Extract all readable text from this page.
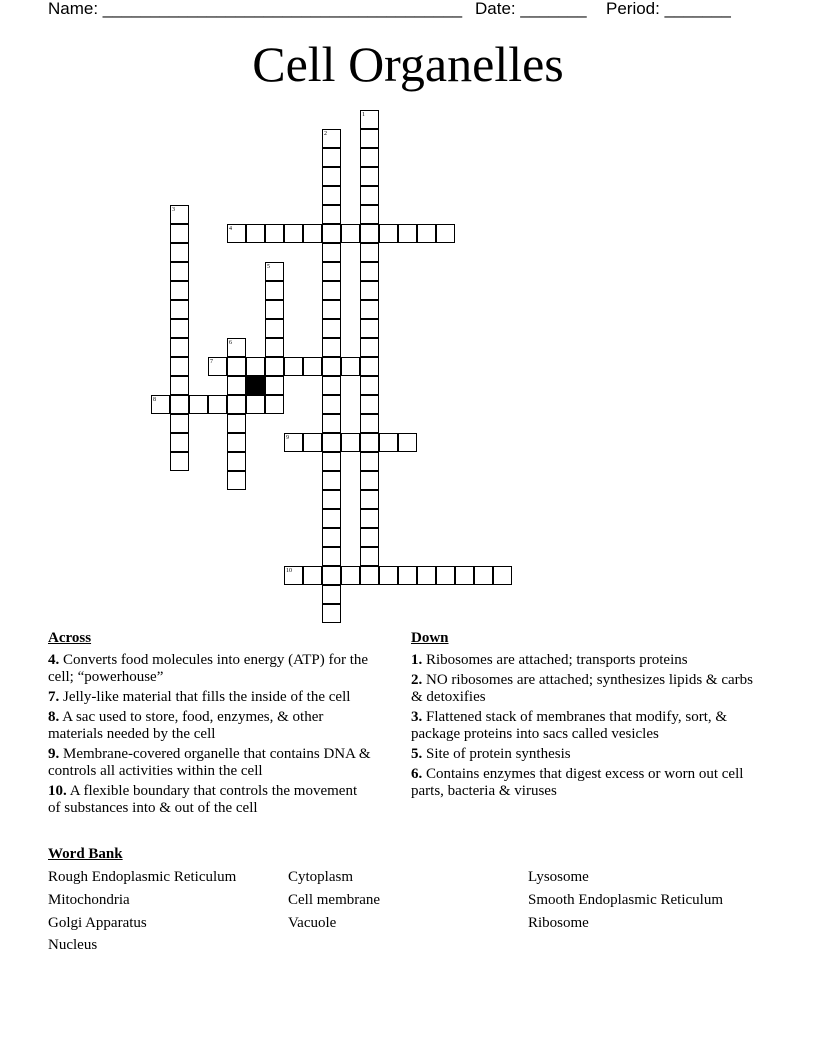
Name: ______________________________________ Date: _______ Period: _______
Cell Organelles
1
2
3
4
5
6
7
8
9
10
Across
4. Converts food molecules into energy (ATP) for the cell; “powerhouse”
7. Jelly-like material that fills the inside of the cell
8. A sac used to store, food, enzymes, & other materials needed by the cell
9. Membrane-covered organelle that contains DNA & controls all activities within the cell
10. A flexible boundary that controls the movement of substances into & out of the cell
Down
1. Ribosomes are attached; transports proteins
2. NO ribosomes are attached; synthesizes lipids & carbs & detoxifies
3. Flattened stack of membranes that modify, sort, & package proteins into sacs called vesicles
5. Site of protein synthesis
6. Contains enzymes that digest excess or worn out cell parts, bacteria & viruses
Word Bank
Rough Endoplasmic Reticulum	Cytoplasm	Lysosome
Mitochondria	Cell membrane	Smooth Endoplasmic Reticulum
Golgi Apparatus	Vacuole	Ribosome
Nucleus
